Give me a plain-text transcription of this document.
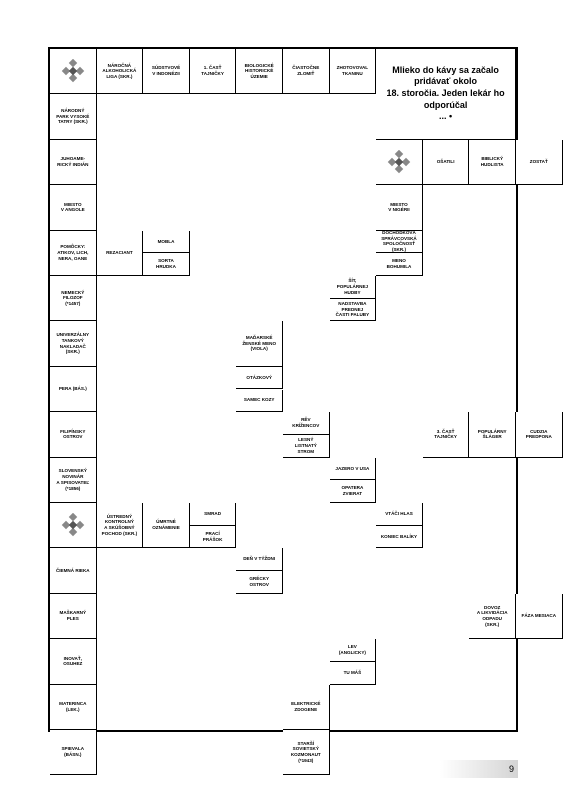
NÁROČNÁ
ALKOHOLICKÁ
LIGA (SKR.)
SÚDSTVOVÉ
V INDONÉZII
1. ČASŤ
TAJNIČKY
BIOLOGICKÉ
HISTORICKÉ
ÚZEMIE
ČIASTOČNE
ZLOMIŤ
ZHOTOVOVAL
TKANINU	Mlieko do kávy sa začalo pridávať okolo
18. storočia. Jeden lekár ho odporúčal
... •
NÁRODNÝ
PARK VYSOKÉ
TATRY (SKR.)
JUHOAME-
RICKÝ INDIÁN
MIESTO
V ANGOLE
POMÔCKY:
ATIKOV, LICH,
NERA, OANE
NEMECKÝ
FILOZOF
(*1457)
UNIVERZÁLNY
TANKOVÝ
NAKLADAČ
(SKR.)
PERA (BÁS.)
FILIPÍNSKY
OSTROV
SLOVENSKÝ
NOVINÁR
A SPISOVATEĽ
(*1856)
ČIEMNÁ RIEKA
MAŠKARNÝ
PLES
INOVAŤ,
OSUHEZ
MATERINCA
(LEK.)
SPIEVALA
(BÁSN.)
REZACIANT
MOBLA
SORTA
HRUDKA
ŠÍT,
POPULÁRNEJ
HUDBY
NADSTAVBA
PREDNEJ
ČASTI PALUBY
MAĎARSKÉ
ŽENSKÉ MENO
(VIOLA)
OTÁZKOVÝ
SAMEC KOZY
RĚV
KRÍŽENCOV
LESNÝ
LISTNATÝ
STROM
JAZERO V USA
OPATERA
ZVIERAT
ÚSTREDNÝ
KONTROLNÝ
A SKÚŠOBNÝ
POCHOD (SKR.)
ÚMRTNÉ
OZNÁMENIE
SMRAD
PRACÍ
PRÁŠOK
DEŇ V TÝŽDNI
GRÉCKY
OSTROV
LEV
(ANGLICKY)
TU MÁŠ
ELEKTRICKÉ
ZDOGENE
STARŠÍ
SOVIETSKÝ
KOZMONAUT
(*1943)
OŠATILI
BIBLICKÝ
HUDLISTA
ZOSTAŤ
MIESTO
V NIGÉRII
DÔCHODKOVÁ
SPRÁVCOVSKÁ
SPOLOČNOSŤ
(SKR.)
MENO
BOHUMILA
3. ČASŤ
TAJNIČKY
POPULÁRNY
ŠLÁGER
CUDZIA
PREDPONA
VTÁČI HLAS
KONIEC BALÍKY
DOVOZ
A LIKVIDÁCIA
ODPADU
(SKR.)
FÁZA MESIACA
9
